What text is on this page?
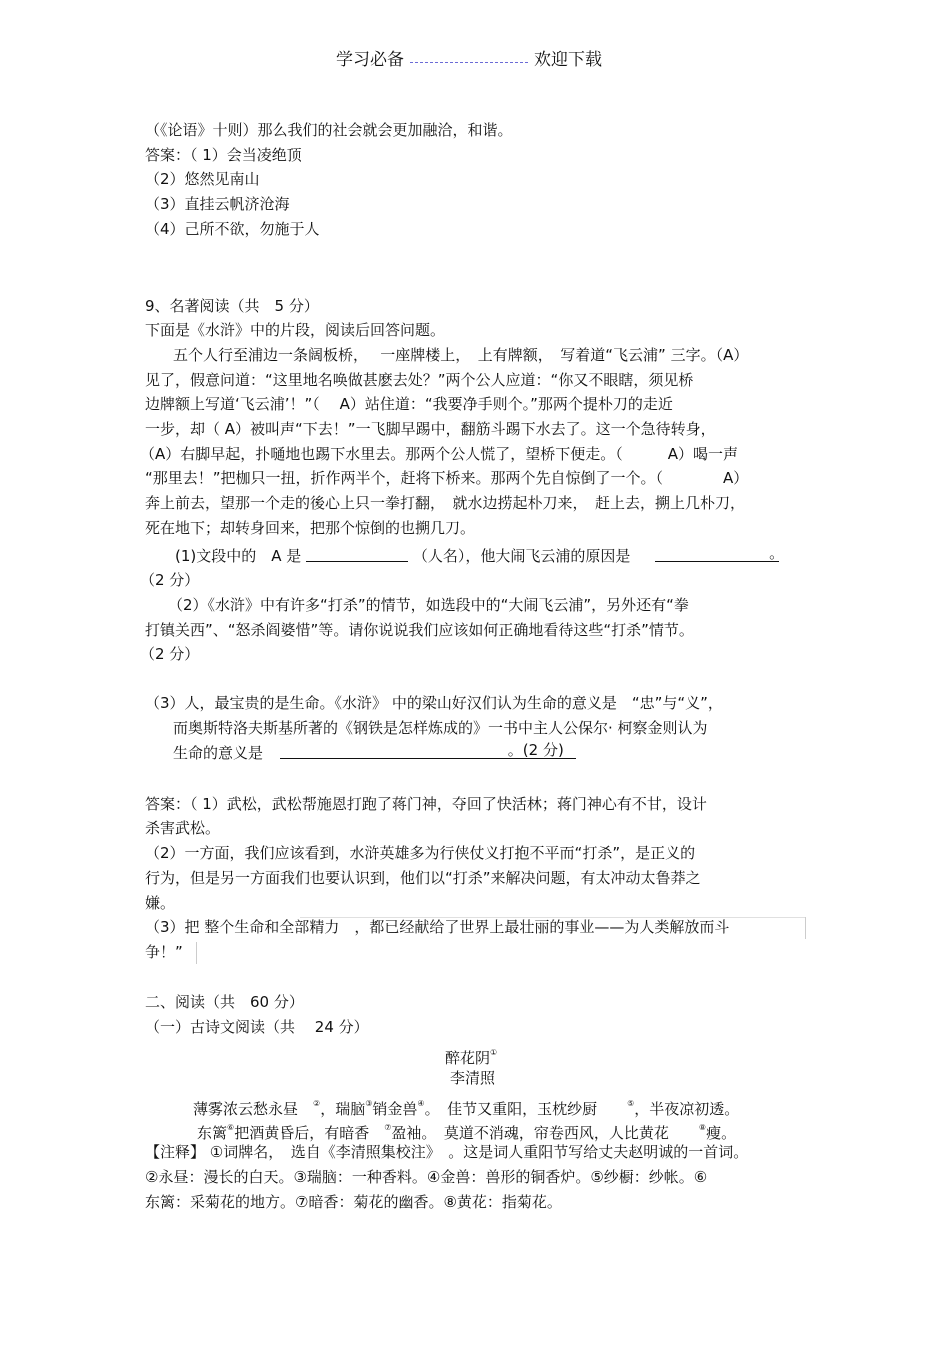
学习必备	欢迎下载
（《论语》十则）那么我们的社会就会更加融洽，和谐。
答案：（ 1）会当凌绝顶
（2）悠然见南山
（3）直挂云帆济沧海
（4）己所不欲，勿施于人
9、名著阅读（共　5 分）
下面是《水浒》中的片段，阅读后回答问题。
五个人行至浦边一条阔板桥，　 一座牌楼上，　上有牌额，　写着道“飞云浦” 三字。（A）
见了，假意问道：“这里地名唤做甚麽去处？”两个公人应道：“你又不眼瞎，须见桥
边牌额上写道‘飞云浦’！”（　 A）站住道：“我要净手则个。”那两个提朴刀的走近
一步，却（ A）被叫声“下去！”一飞脚早踢中，翻筋斗踢下水去了。这一个急待转身，
（A）右脚早起，扑嗵地也踢下水里去。那两个公人慌了，望桥下便走。（　　　A）喝一声
“那里去！”把枷只一扭，折作两半个，赶将下桥来。那两个先自惊倒了一个。（　　　　A）
奔上前去，望那一个走的後心上只一拳打翻，　就水边捞起朴刀来，　赶上去，搠上几朴刀，
死在地下；却转身回来，把那个惊倒的也搠几刀。
(1)文段中的　A 是	（人名），他大闹飞云浦的原因是	。
（2 分）
（2）《水浒》中有许多“打杀”的情节，如选段中的“大闹飞云浦”，另外还有“拳
打镇关西”、“怒杀阎婆惜”等。请你说说我们应该如何正确地看待这些“打杀”情节。
（2 分）
（3）人，最宝贵的是生命。《水浒》 中的梁山好汉们认为生命的意义是　“忠”与“义”，
而奥斯特洛夫斯基所著的《钢铁是怎样炼成的》一书中主人公保尔· 柯察金则认为
生命的意义是	。(2 分)
答案：（ 1）武松，武松帮施恩打跑了蒋门神，夺回了快活林；蒋门神心有不甘，设计
杀害武松。
（2）一方面，我们应该看到，水浒英雄多为行侠仗义打抱不平而“打杀”，是正义的
行为，但是另一方面我们也要认识到，他们以“打杀”来解决问题，有太冲动太鲁莽之
嫌。
（3）把 整个生命和全部精力　，都已经献给了世界上最壮丽的事业——为人类解放而斗
争！”
二、阅读（共　60 分）
（一）古诗文阅读（共　 24 分）
醉花阴①
李清照
薄雾浓云愁永昼　②，瑞脑③销金兽④。　佳节又重阳，玉枕纱厨　　⑤，半夜凉初透。
东篱⑥把酒黄昏后，有暗香　⑦盈袖。　莫道不消魂，帘卷西风，人比黄花　　⑧瘦。
【注释】 ①词牌名，　选自《李清照集校注》　。这是词人重阳节写给丈夫赵明诚的一首词。
②永昼：漫长的白天。③瑞脑：一种香料。④金兽：兽形的铜香炉。⑤纱橱：纱帐。⑥
东篱：采菊花的地方。⑦暗香：菊花的幽香。⑧黄花：指菊花。
